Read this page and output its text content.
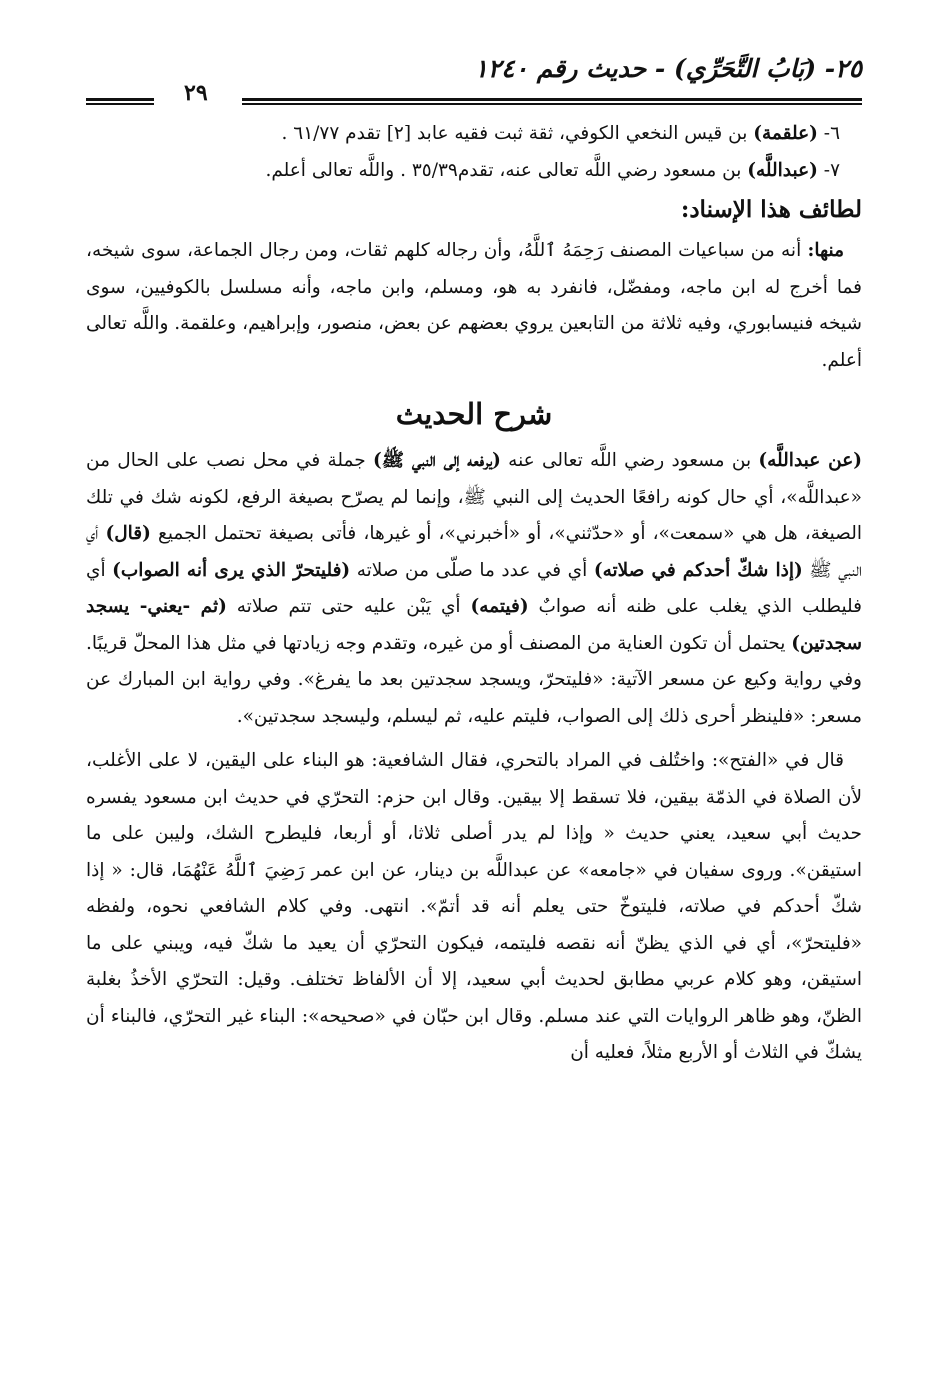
٢٥- (بَابُ التَّحَرِّي) - حديث رقم ١٢٤٠
٢٩

٦- (علقمة) بن قيس النخعي الكوفي، ثقة ثبت فقيه عابد [٢] تقدم ٦١/٧٧ .

٧- (عبداللَّه) بن مسعود رضي اللَّه تعالى عنه، تقدم٣٥/٣٩ . واللَّه تعالى أعلم.

لطائف هذا الإسناد:

منها: أنه من سباعيات المصنف رَحِمَهُ ٱللَّهُ، وأن رجاله كلهم ثقات، ومن رجال الجماعة، سوى شيخه، فما أخرج له ابن ماجه، ومفضّل، فانفرد به هو، ومسلم، وابن ماجه، وأنه مسلسل بالكوفيين، سوى شيخه فنيسابوري، وفيه ثلاثة من التابعين يروي بعضهم عن بعض، منصور، وإبراهيم، وعلقمة. واللَّه تعالى أعلم.

شرح الحديث

(عن عبداللَّه) بن مسعود رضي اللَّه تعالى عنه (يرفعه إلى النبي ﷺ) جملة في محل نصب على الحال من «عبداللَّه»، أي حال كونه رافعًا الحديث إلى النبي ﷺ، وإنما لم يصرّح بصيغة الرفع، لكونه شك في تلك الصيغة، هل هي «سمعت»، أو «حدّثني»، أو «أخبرني»، أو غيرها، فأتى بصيغة تحتمل الجميع (قال) أي النبي ﷺ (إذا شكّ أحدكم في صلاته) أي في عدد ما صلّى من صلاته (فليتحرّ الذي يرى أنه الصواب) أي فليطلب الذي يغلب على ظنه أنه صوابٌ (فيتمه) أي يَبْن عليه حتى تتم صلاته (ثم -يعني- يسجد سجدتين) يحتمل أن تكون العناية من المصنف أو من غيره، وتقدم وجه زيادتها في مثل هذا المحلّ قريبًا. وفي رواية وكيع عن مسعر الآتية: «فليتحرّ، ويسجد سجدتين بعد ما يفرغ». وفي رواية ابن المبارك عن مسعر: «فلينظر أحرى ذلك إلى الصواب، فليتم عليه، ثم ليسلم، وليسجد سجدتين».

قال في «الفتح»: واختُلف في المراد بالتحري، فقال الشافعية: هو البناء على اليقين، لا على الأغلب، لأن الصلاة في الذمّة بيقين، فلا تسقط إلا بيقين. وقال ابن حزم: التحرّي في حديث ابن مسعود يفسره حديث أبي سعيد، يعني حديث « وإذا لم يدر أصلى ثلاثا، أو أربعا، فليطرح الشك، وليبن على ما استيقن». وروى سفيان في «جامعه» عن عبداللَّه بن دينار، عن ابن عمر رَضِيَ ٱللَّهُ عَنْهُمَا، قال: « إذا شكّ أحدكم في صلاته، فليتوخّ حتى يعلم أنه قد أتمّ». انتهى. وفي كلام الشافعي نحوه، ولفظه «فليتحرّ»، أي في الذي يظنّ أنه نقصه فليتمه، فيكون التحرّي أن يعيد ما شكّ فيه، ويبني على ما استيقن، وهو كلام عربي مطابق لحديث أبي سعيد، إلا أن الألفاظ تختلف. وقيل: التحرّي الأخذُ بغلبة الظنّ، وهو ظاهر الروايات التي عند مسلم. وقال ابن حبّان في «صحيحه»: البناء غير التحرّي، فالبناء أن يشكّ في الثلاث أو الأربع مثلاً، فعليه أن
